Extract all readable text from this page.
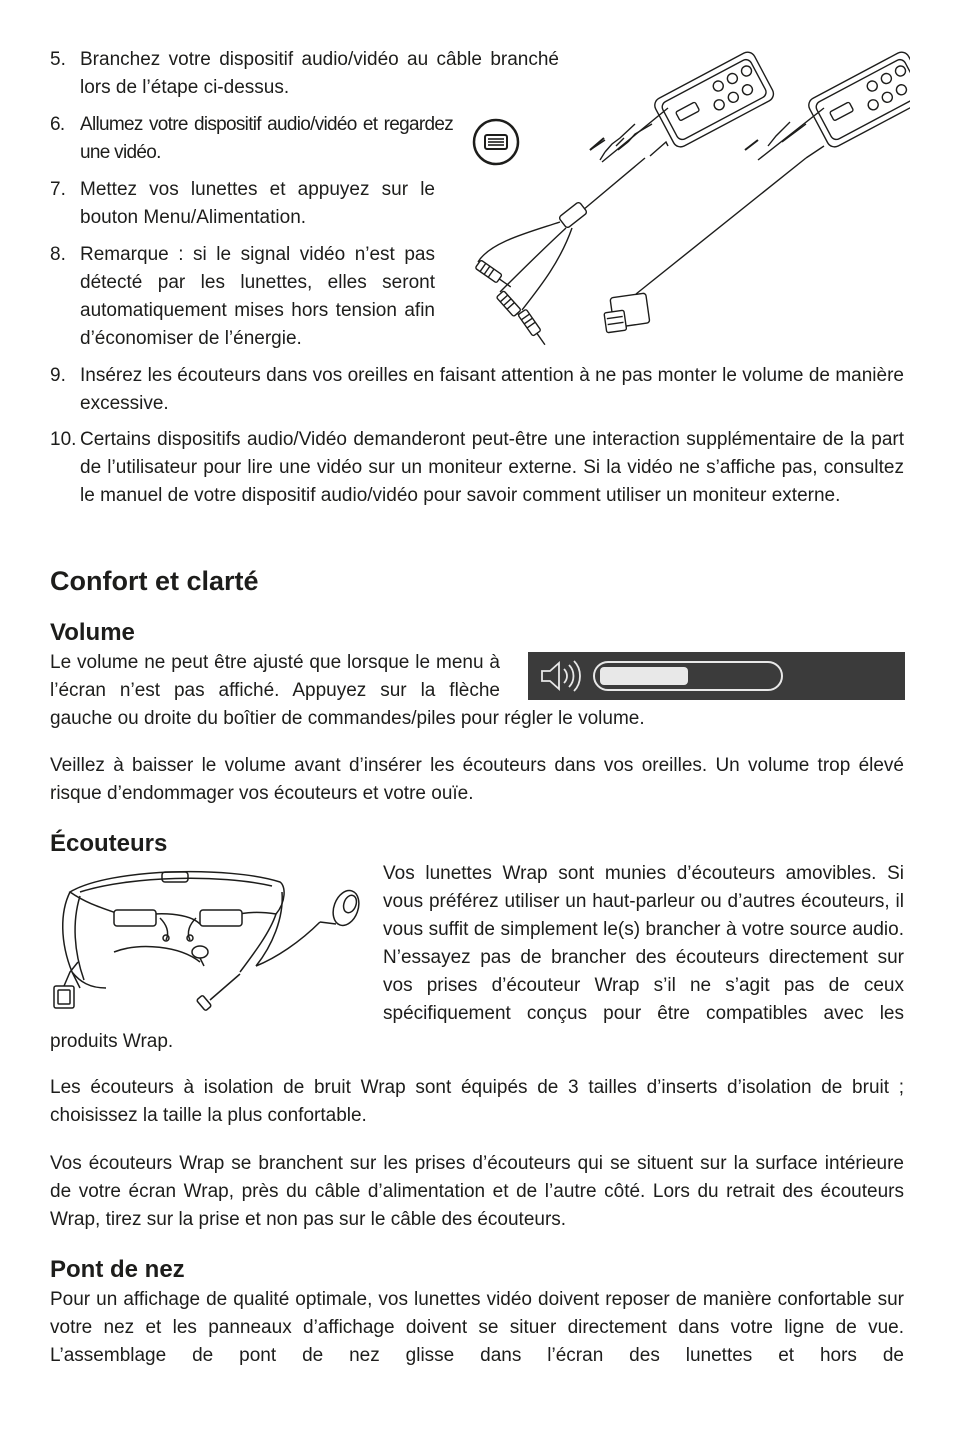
5. Branchez votre dispositif audio/vidéo au câble branché lors de l’étape ci-dessus.
6. Allumez votre dispositif audio/vidéo et regardez une vidéo.
7. Mettez vos lunettes et appuyez sur le bouton Menu/Alimentation.
8. Remarque : si le signal vidéo n’est pas détecté par les lunettes, elles seront automatiquement mises hors tension afin d’économiser de l’énergie.
9. Insérez les écouteurs dans vos oreilles en faisant attention à ne pas monter le volume de manière excessive.
10. Certains dispositifs audio/Vidéo demanderont peut-être une interaction supplémentaire de la part de l’utilisateur pour lire une vidéo sur un moniteur externe. Si la vidéo ne s’affiche pas, consultez le manuel de votre dispositif audio/vidéo pour savoir comment utiliser un moniteur externe.
Confort et clarté
Volume
Le volume ne peut être ajusté que lorsque le menu à l’écran n’est pas affiché. Appuyez sur la flèche gauche ou droite du boîtier de commandes/piles pour régler le volume.
Veillez à baisser le volume avant d’insérer les écouteurs dans vos oreilles. Un volume trop élevé risque d’endommager vos écouteurs et votre ouïe.
Écouteurs
Vos lunettes Wrap sont munies d’écouteurs amovibles. Si vous préférez utiliser un haut-parleur ou d’autres écouteurs, il vous suffit de simplement le(s) brancher à votre source audio. N’essayez pas de brancher des écouteurs directement sur vos prises d’écouteur Wrap s’il ne s’agit pas de ceux spécifiquement conçus pour être compatibles avec les produits Wrap.
Les écouteurs à isolation de bruit Wrap sont équipés de 3 tailles d’inserts d’isolation de bruit ; choisissez la taille la plus confortable.
Vos écouteurs Wrap se branchent sur les prises d’écouteurs qui se situent sur la surface intérieure de votre écran Wrap, près du câble d’alimentation et de l’autre côté. Lors du retrait des écouteurs Wrap, tirez sur la prise et non pas sur le câble des écouteurs.
Pont de nez
Pour un affichage de qualité optimale, vos lunettes vidéo doivent reposer de manière confortable sur votre nez et les panneaux d’affichage doivent se situer directement dans votre ligne de vue. L’assemblage de pont de nez glisse dans l’écran des lunettes et hors de
